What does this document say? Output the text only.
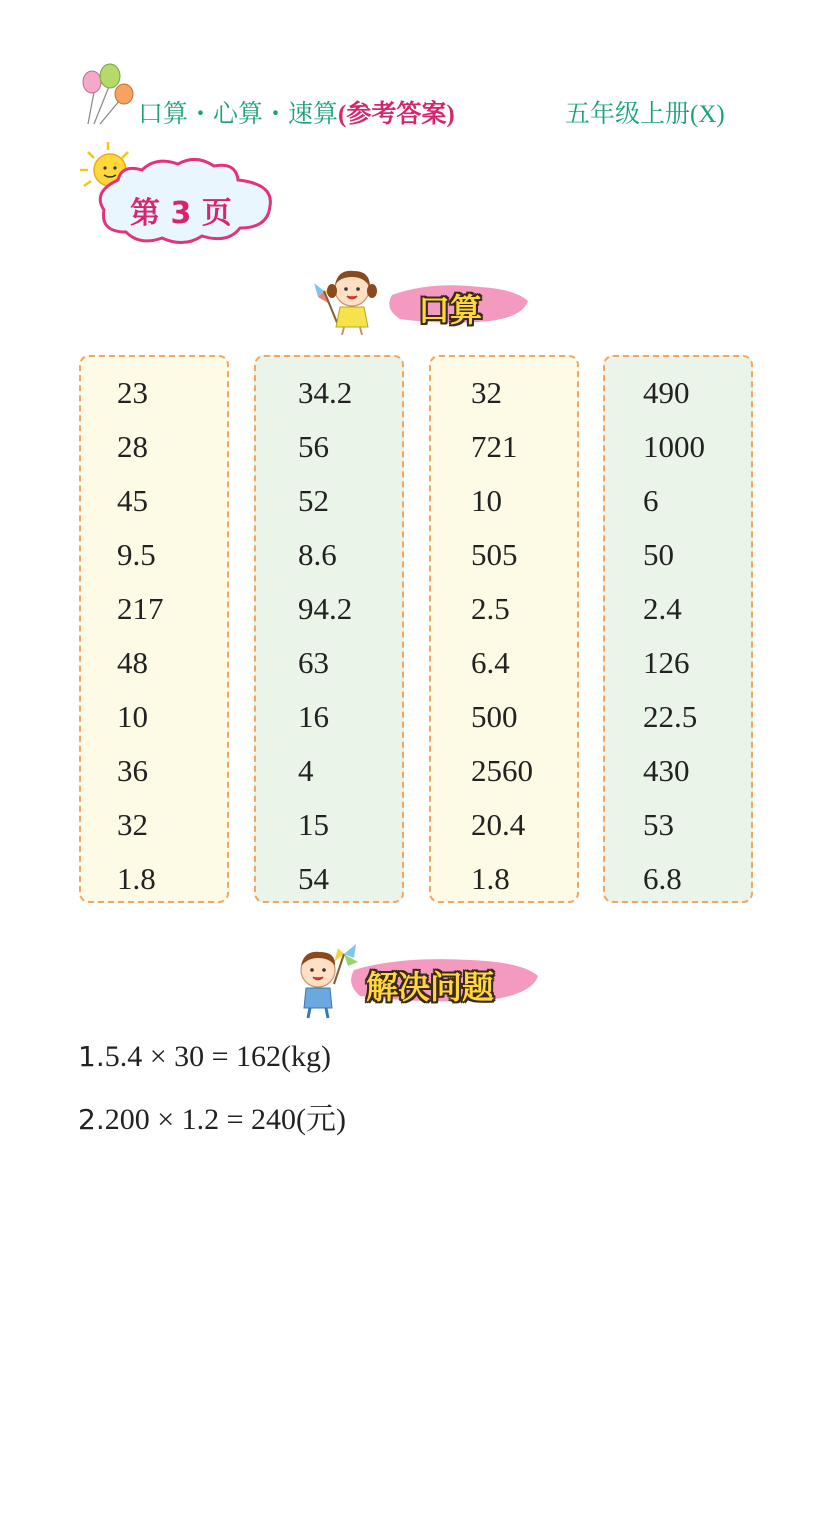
口算・心算・速算(参考答案)	五年级上册(X)
第 3 页
口算
23
28
45
9.5
217
48
10
36
32
1.8
34.2
56
52
8.6
94.2
63
16
4
15
54
32
721
10
505
2.5
6.4
500
2560
20.4
1.8
490
1000
6
50
2.4
126
22.5
430
53
6.8
解决问题
1.5.4 × 30 = 162(kg)
2.200 × 1.2 = 240(元)
